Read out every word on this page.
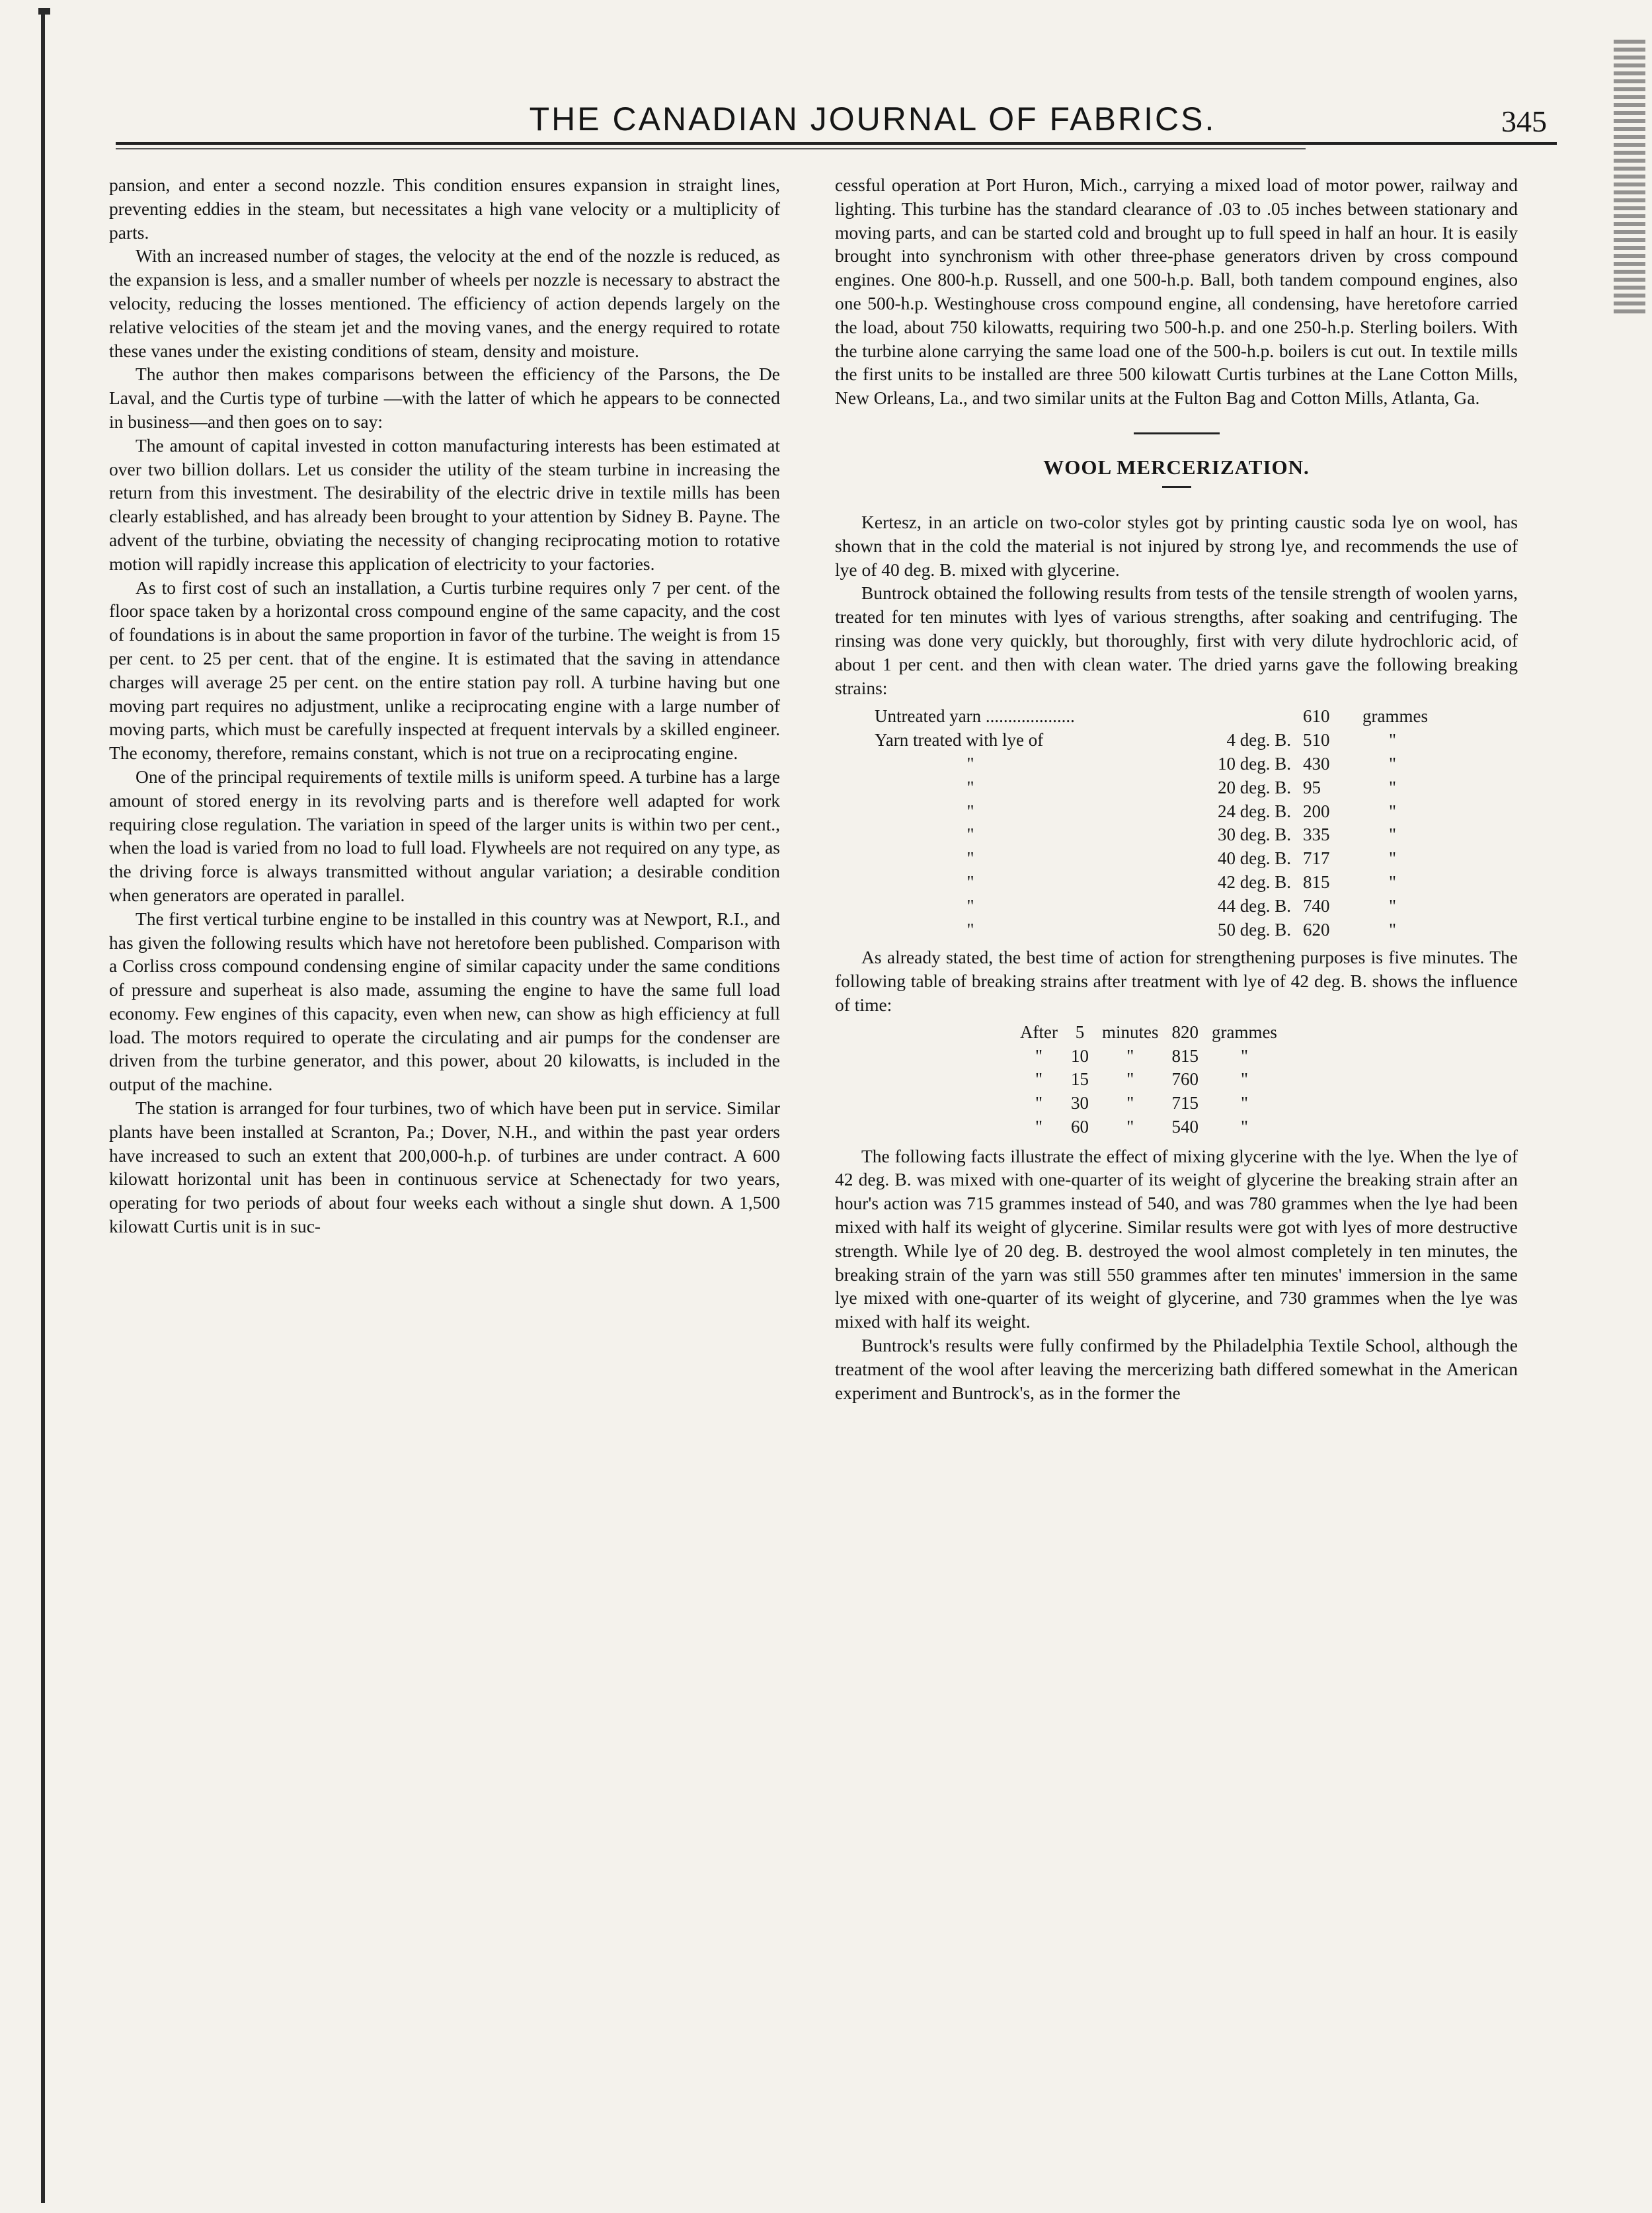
THE CANADIAN JOURNAL OF FABRICS.	345

pansion, and enter a second nozzle. This condition ensures expansion in straight lines, preventing eddies in the steam, but necessitates a high vane velocity or a multiplicity of parts.

With an increased number of stages, the velocity at the end of the nozzle is reduced, as the expansion is less, and a smaller number of wheels per nozzle is necessary to abstract the velocity, reducing the losses mentioned. The efficiency of action depends largely on the relative velocities of the steam jet and the moving vanes, and the energy required to rotate these vanes under the existing conditions of steam, density and moisture.

The author then makes comparisons between the efficiency of the Parsons, the De Laval, and the Curtis type of turbine —with the latter of which he appears to be connected in business—and then goes on to say:

The amount of capital invested in cotton manufacturing interests has been estimated at over two billion dollars. Let us consider the utility of the steam turbine in increasing the return from this investment. The desirability of the electric drive in textile mills has been clearly established, and has already been brought to your attention by Sidney B. Payne. The advent of the turbine, obviating the necessity of changing reciprocating motion to rotative motion will rapidly increase this application of electricity to your factories.

As to first cost of such an installation, a Curtis turbine requires only 7 per cent. of the floor space taken by a horizontal cross compound engine of the same capacity, and the cost of foundations is in about the same proportion in favor of the turbine. The weight is from 15 per cent. to 25 per cent. that of the engine. It is estimated that the saving in attendance charges will average 25 per cent. on the entire station pay roll. A turbine having but one moving part requires no adjustment, unlike a reciprocating engine with a large number of moving parts, which must be carefully inspected at frequent intervals by a skilled engineer. The economy, therefore, remains constant, which is not true on a reciprocating engine.

One of the principal requirements of textile mills is uniform speed. A turbine has a large amount of stored energy in its revolving parts and is therefore well adapted for work requiring close regulation. The variation in speed of the larger units is within two per cent., when the load is varied from no load to full load. Flywheels are not required on any type, as the driving force is always transmitted without angular variation; a desirable condition when generators are operated in parallel.

The first vertical turbine engine to be installed in this country was at Newport, R.I., and has given the following results which have not heretofore been published. Comparison with a Corliss cross compound condensing engine of similar capacity under the same conditions of pressure and superheat is also made, assuming the engine to have the same full load economy. Few engines of this capacity, even when new, can show as high efficiency at full load. The motors required to operate the circulating and air pumps for the condenser are driven from the turbine generator, and this power, about 20 kilowatts, is included in the output of the machine.

The station is arranged for four turbines, two of which have been put in service. Similar plants have been installed at Scranton, Pa.; Dover, N.H., and within the past year orders have increased to such an extent that 200,000-h.p. of turbines are under contract. A 600 kilowatt horizontal unit has been in continuous service at Schenectady for two years, operating for two periods of about four weeks each without a single shut down. A 1,500 kilowatt Curtis unit is in suc-

cessful operation at Port Huron, Mich., carrying a mixed load of motor power, railway and lighting. This turbine has the standard clearance of .03 to .05 inches between stationary and moving parts, and can be started cold and brought up to full speed in half an hour. It is easily brought into synchronism with other three-phase generators driven by cross compound engines. One 800-h.p. Russell, and one 500-h.p. Ball, both tandem compound engines, also one 500-h.p. Westinghouse cross compound engine, all condensing, have heretofore carried the load, about 750 kilowatts, requiring two 500-h.p. and one 250-h.p. Sterling boilers. With the turbine alone carrying the same load one of the 500-h.p. boilers is cut out. In textile mills the first units to be installed are three 500 kilowatt Curtis turbines at the Lane Cotton Mills, New Orleans, La., and two similar units at the Fulton Bag and Cotton Mills, Atlanta, Ga.

WOOL MERCERIZATION.

Kertesz, in an article on two-color styles got by printing caustic soda lye on wool, has shown that in the cold the material is not injured by strong lye, and recommends the use of lye of 40 deg. B. mixed with glycerine.

Buntrock obtained the following results from tests of the tensile strength of woolen yarns, treated for ten minutes with lyes of various strengths, after soaking and centrifuging. The rinsing was done very quickly, but thoroughly, first with very dilute hydrochloric acid, of about 1 per cent. and then with clean water. The dried yarns gave the following breaking strains:

Untreated yarn ....................		610	grammes
Yarn treated with lye of	4 deg. B.	510	"
"	10 deg. B.	430	"
"	20 deg. B.	95	"
"	24 deg. B.	200	"
"	30 deg. B.	335	"
"	40 deg. B.	717	"
"	42 deg. B.	815	"
"	44 deg. B.	740	"
"	50 deg. B.	620	"

As already stated, the best time of action for strengthening purposes is five minutes. The following table of breaking strains after treatment with lye of 42 deg. B. shows the influence of time:

After	5	minutes	820	grammes
"	10	"	815	"
"	15	"	760	"
"	30	"	715	"
"	60	"	540	"

The following facts illustrate the effect of mixing glycerine with the lye. When the lye of 42 deg. B. was mixed with one-quarter of its weight of glycerine the breaking strain after an hour's action was 715 grammes instead of 540, and was 780 grammes when the lye had been mixed with half its weight of glycerine. Similar results were got with lyes of more destructive strength. While lye of 20 deg. B. destroyed the wool almost completely in ten minutes, the breaking strain of the yarn was still 550 grammes after ten minutes' immersion in the same lye mixed with one-quarter of its weight of glycerine, and 730 grammes when the lye was mixed with half its weight.

Buntrock's results were fully confirmed by the Philadelphia Textile School, although the treatment of the wool after leaving the mercerizing bath differed somewhat in the American experiment and Buntrock's, as in the former the
